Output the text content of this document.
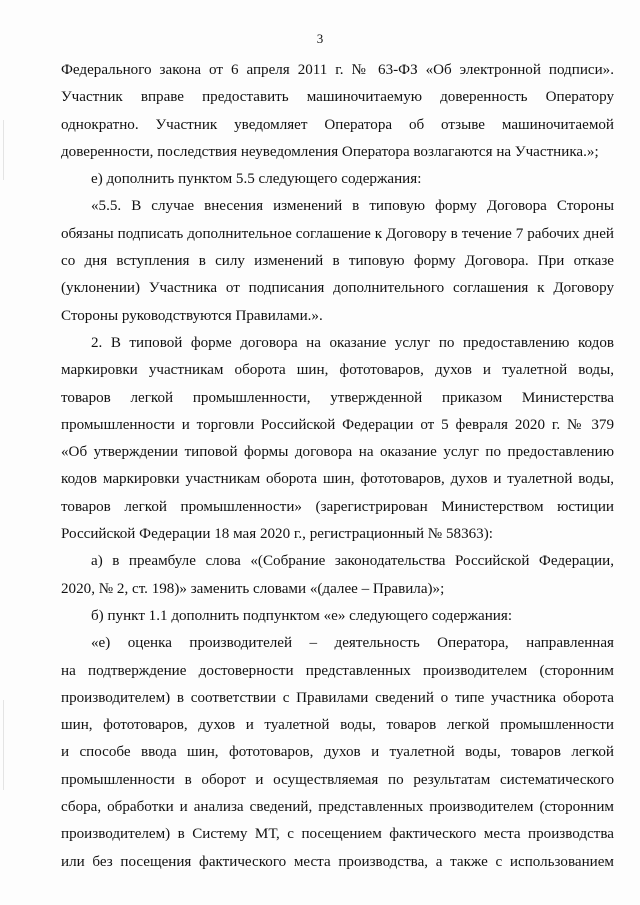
3
Федерального закона от 6 апреля 2011 г. № 63-ФЗ «Об электронной подписи».
Участник вправе предоставить машиночитаемую доверенность Оператору
однократно. Участник уведомляет Оператора об отзыве машиночитаемой
доверенности, последствия неуведомления Оператора возлагаются на Участника.»;
е) дополнить пунктом 5.5 следующего содержания:
«5.5. В случае внесения изменений в типовую форму Договора Стороны
обязаны подписать дополнительное соглашение к Договору в течение 7 рабочих дней
со дня вступления в силу изменений в типовую форму Договора. При отказе
(уклонении) Участника от подписания дополнительного соглашения к Договору
Стороны руководствуются Правилами.».
2. В типовой форме договора на оказание услуг по предоставлению кодов
маркировки участникам оборота шин, фототоваров, духов и туалетной воды,
товаров легкой промышленности, утвержденной приказом Министерства
промышленности и торговли Российской Федерации от 5 февраля 2020 г. № 379
«Об утверждении типовой формы договора на оказание услуг по предоставлению
кодов маркировки участникам оборота шин, фототоваров, духов и туалетной воды,
товаров легкой промышленности» (зарегистрирован Министерством юстиции
Российской Федерации 18 мая 2020 г., регистрационный № 58363):
а) в преамбуле слова «(Собрание законодательства Российской Федерации,
2020, № 2, ст. 198)» заменить словами «(далее – Правила)»;
б) пункт 1.1 дополнить подпунктом «е» следующего содержания:
«е) оценка производителей – деятельность Оператора, направленная
на подтверждение достоверности представленных производителем (сторонним
производителем) в соответствии с Правилами сведений о типе участника оборота
шин, фототоваров, духов и туалетной воды, товаров легкой промышленности
и способе ввода шин, фототоваров, духов и туалетной воды, товаров легкой
промышленности в оборот и осуществляемая по результатам систематического
сбора, обработки и анализа сведений, представленных производителем (сторонним
производителем) в Систему МТ, с посещением фактического места производства
или без посещения фактического места производства, а также с использованием
